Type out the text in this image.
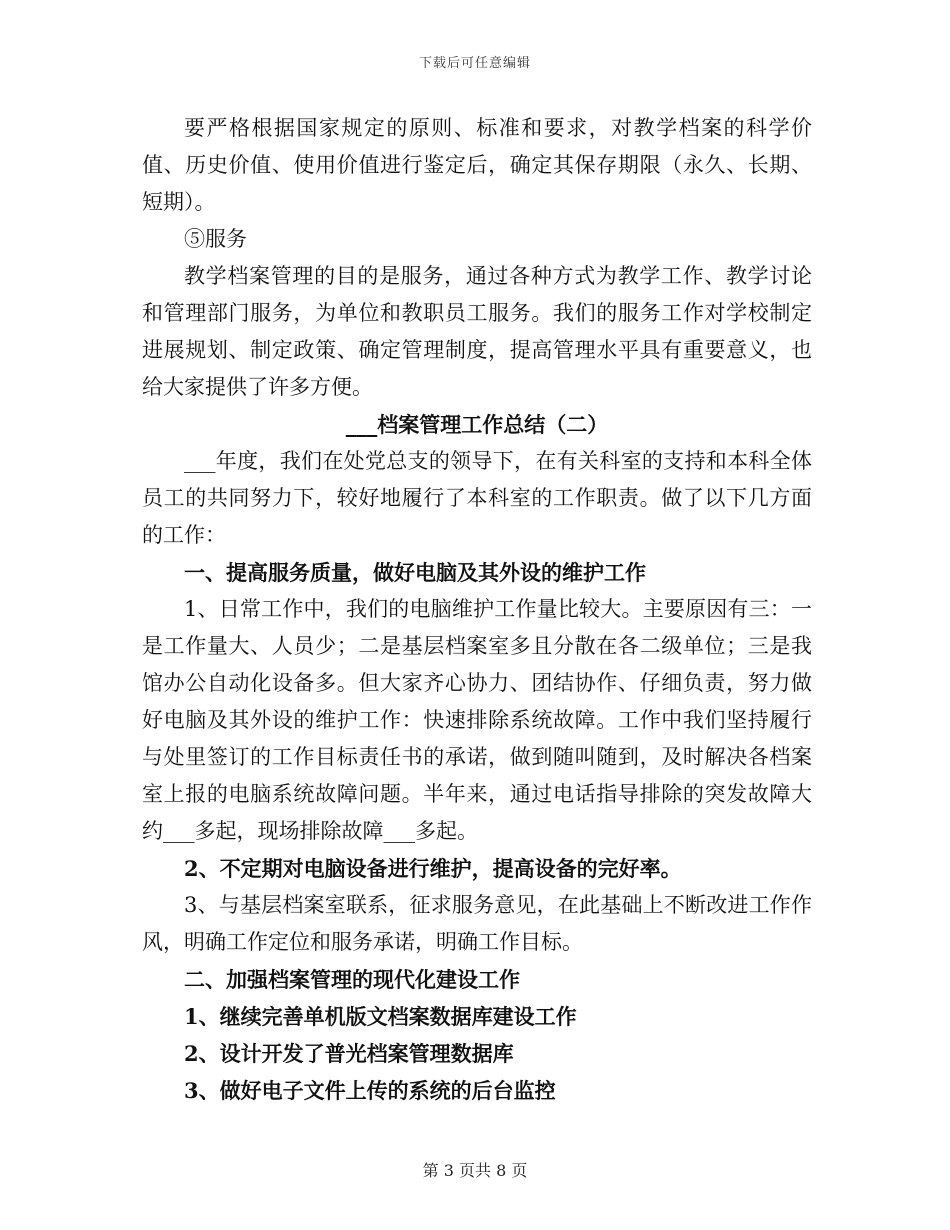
下载后可任意编辑

要严格根据国家规定的原则、标准和要求，对教学档案的科学价值、历史价值、使用价值进行鉴定后，确定其保存期限（永久、长期、短期）。

⑤服务

教学档案管理的目的是服务，通过各种方式为教学工作、教学讨论和管理部门服务，为单位和教职员工服务。我们的服务工作对学校制定进展规划、制定政策、确定管理制度，提高管理水平具有重要意义，也给大家提供了许多方便。

___档案管理工作总结（二）

___年度，我们在处党总支的领导下，在有关科室的支持和本科全体员工的共同努力下，较好地履行了本科室的工作职责。做了以下几方面的工作：

一、提高服务质量，做好电脑及其外设的维护工作

1、日常工作中，我们的电脑维护工作量比较大。主要原因有三：一是工作量大、人员少；二是基层档案室多且分散在各二级单位；三是我馆办公自动化设备多。但大家齐心协力、团结协作、仔细负责，努力做好电脑及其外设的维护工作：快速排除系统故障。工作中我们坚持履行与处里签订的工作目标责任书的承诺，做到随叫随到，及时解决各档案室上报的电脑系统故障问题。半年来，通过电话指导排除的突发故障大约___多起，现场排除故障___多起。

2、不定期对电脑设备进行维护，提高设备的完好率。

3、与基层档案室联系，征求服务意见，在此基础上不断改进工作作风，明确工作定位和服务承诺，明确工作目标。

二、加强档案管理的现代化建设工作

1、继续完善单机版文档案数据库建设工作

2、设计开发了普光档案管理数据库

3、做好电子文件上传的系统的后台监控

第 3 页共 8 页
